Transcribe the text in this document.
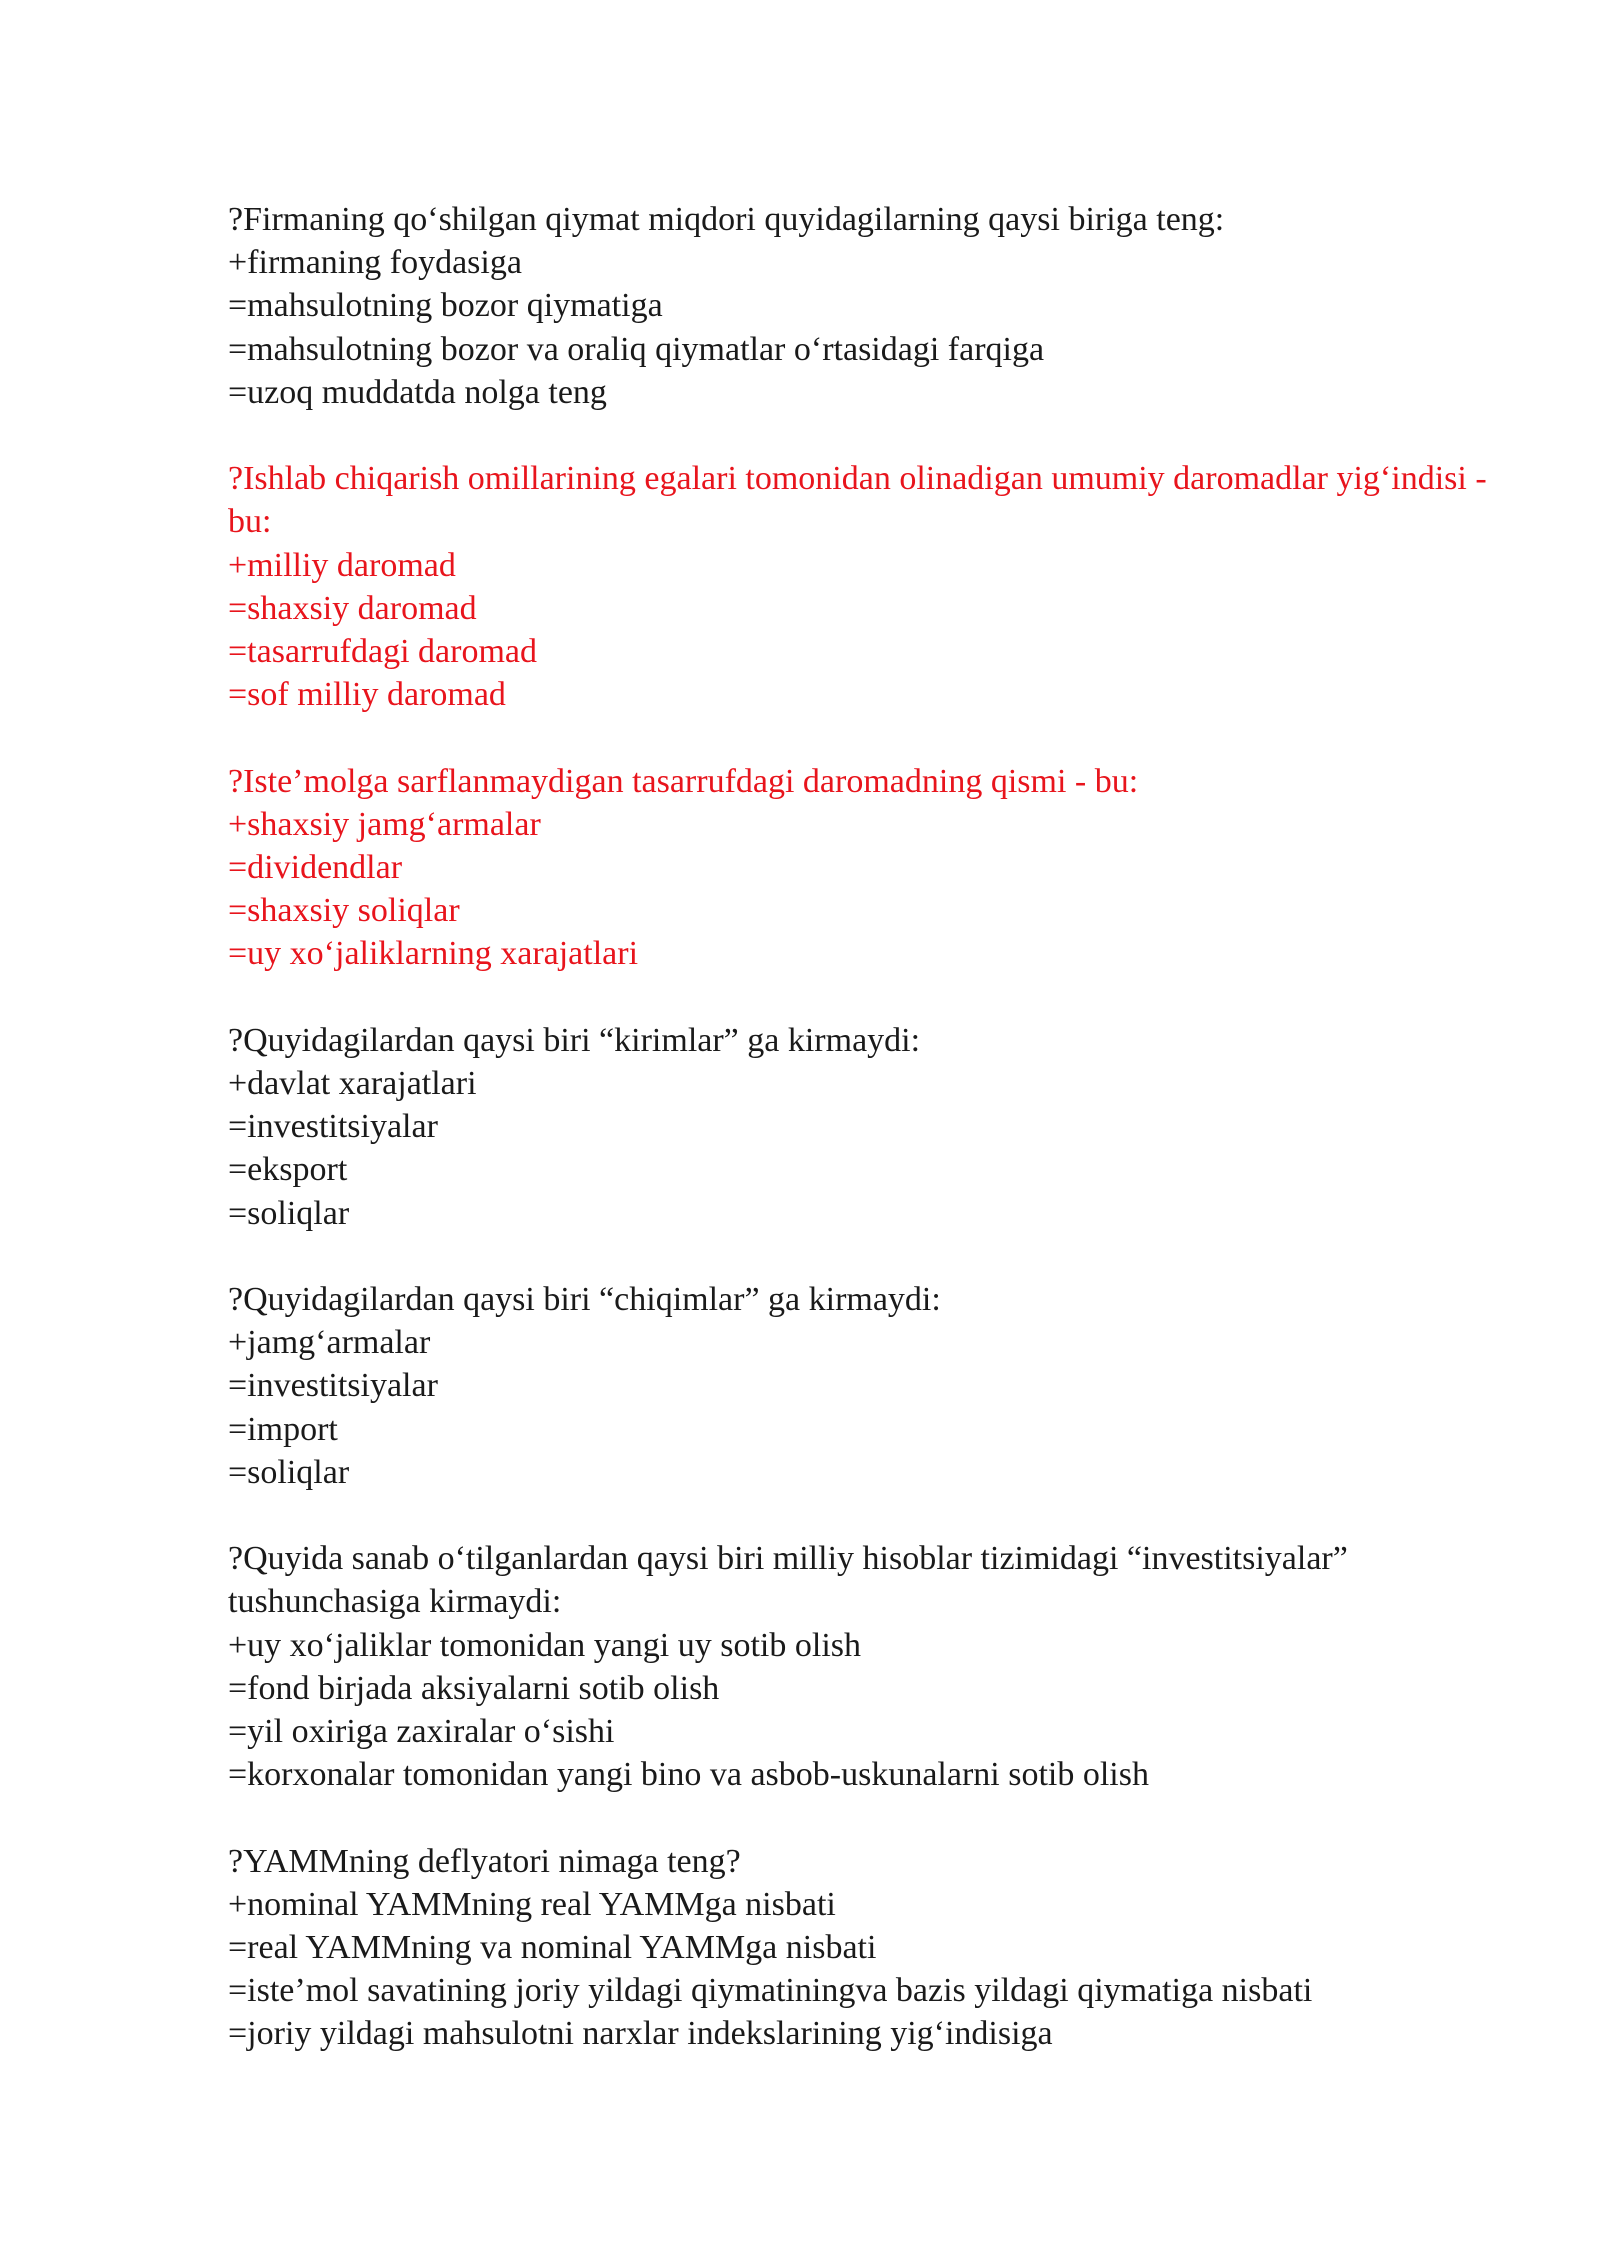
?Firmaning qo‘shilgan qiymat miqdori quyidagilarning qaysi biriga teng:
+firmaning foydasiga
=mahsulotning bozor qiymatiga
=mahsulotning bozor va oraliq qiymatlar o‘rtasidagi farqiga
=uzoq muddatda nolga teng
?Ishlab chiqarish omillarining egalari tomonidan olinadigan umumiy daromadlar yig‘indisi - bu:
+milliy daromad
=shaxsiy daromad
=tasarrufdagi daromad
=sof milliy daromad
?Iste’molga sarflanmaydigan tasarrufdagi daromadning qismi - bu:
+shaxsiy jamg‘armalar
=dividendlar
=shaxsiy soliqlar
=uy xo‘jaliklarning xarajatlari
?Quyidagilardan qaysi biri “kirimlar” ga kirmaydi:
+davlat xarajatlari
=investitsiyalar
=eksport
=soliqlar
?Quyidagilardan qaysi biri “chiqimlar” ga kirmaydi:
+jamg‘armalar
=investitsiyalar
=import
=soliqlar
?Quyida sanab o‘tilganlardan qaysi biri milliy hisoblar tizimidagi “investitsiyalar” tushunchasiga kirmaydi:
+uy xo‘jaliklar tomonidan yangi uy sotib olish
=fond birjada aksiyalarni sotib olish
=yil oxiriga zaxiralar o‘sishi
=korxonalar tomonidan yangi bino va asbob-uskunalarni sotib olish
?YAMMning deflyatori nimaga teng?
+nominal YAMMning real YAMMga nisbati
=real YAMMning va nominal YAMMga nisbati
=iste’mol savatining joriy yildagi qiymatiningva bazis yildagi qiymatiga nisbati
=joriy yildagi mahsulotni narxlar indekslarining yig‘indisiga
